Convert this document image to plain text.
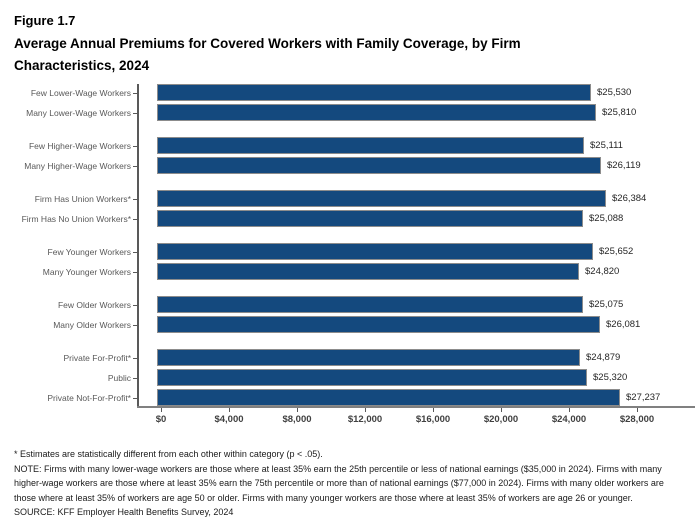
Figure 1.7
Average Annual Premiums for Covered Workers with Family Coverage, by Firm Characteristics, 2024
Few Lower-Wage Workers	$25,530
Many Lower-Wage Workers	$25,810
Few Higher-Wage Workers	$25,111
Many Higher-Wage Workers	$26,119
Firm Has Union Workers*	$26,384
Firm Has No Union Workers*	$25,088
Few Younger Workers	$25,652
Many Younger Workers	$24,820
Few Older Workers	$25,075
Many Older Workers	$26,081
Private For-Profit*	$24,879
Public	$25,320
Private Not-For-Profit*	$27,237
$0	$4,000	$8,000	$12,000	$16,000	$20,000	$24,000	$28,000
* Estimates are statistically different from each other within category (p < .05).
NOTE: Firms with many lower-wage workers are those where at least 35% earn the 25th percentile or less of national earnings ($35,000 in 2024). Firms with many higher-wage workers are those where at least 35% earn the 75th percentile or more than of national earnings ($77,000 in 2024). Firms with many older workers are those where at least 35% of workers are age 50 or older. Firms with many younger workers are those where at least 35% of workers are age 26 or younger.
SOURCE: KFF Employer Health Benefits Survey, 2024
